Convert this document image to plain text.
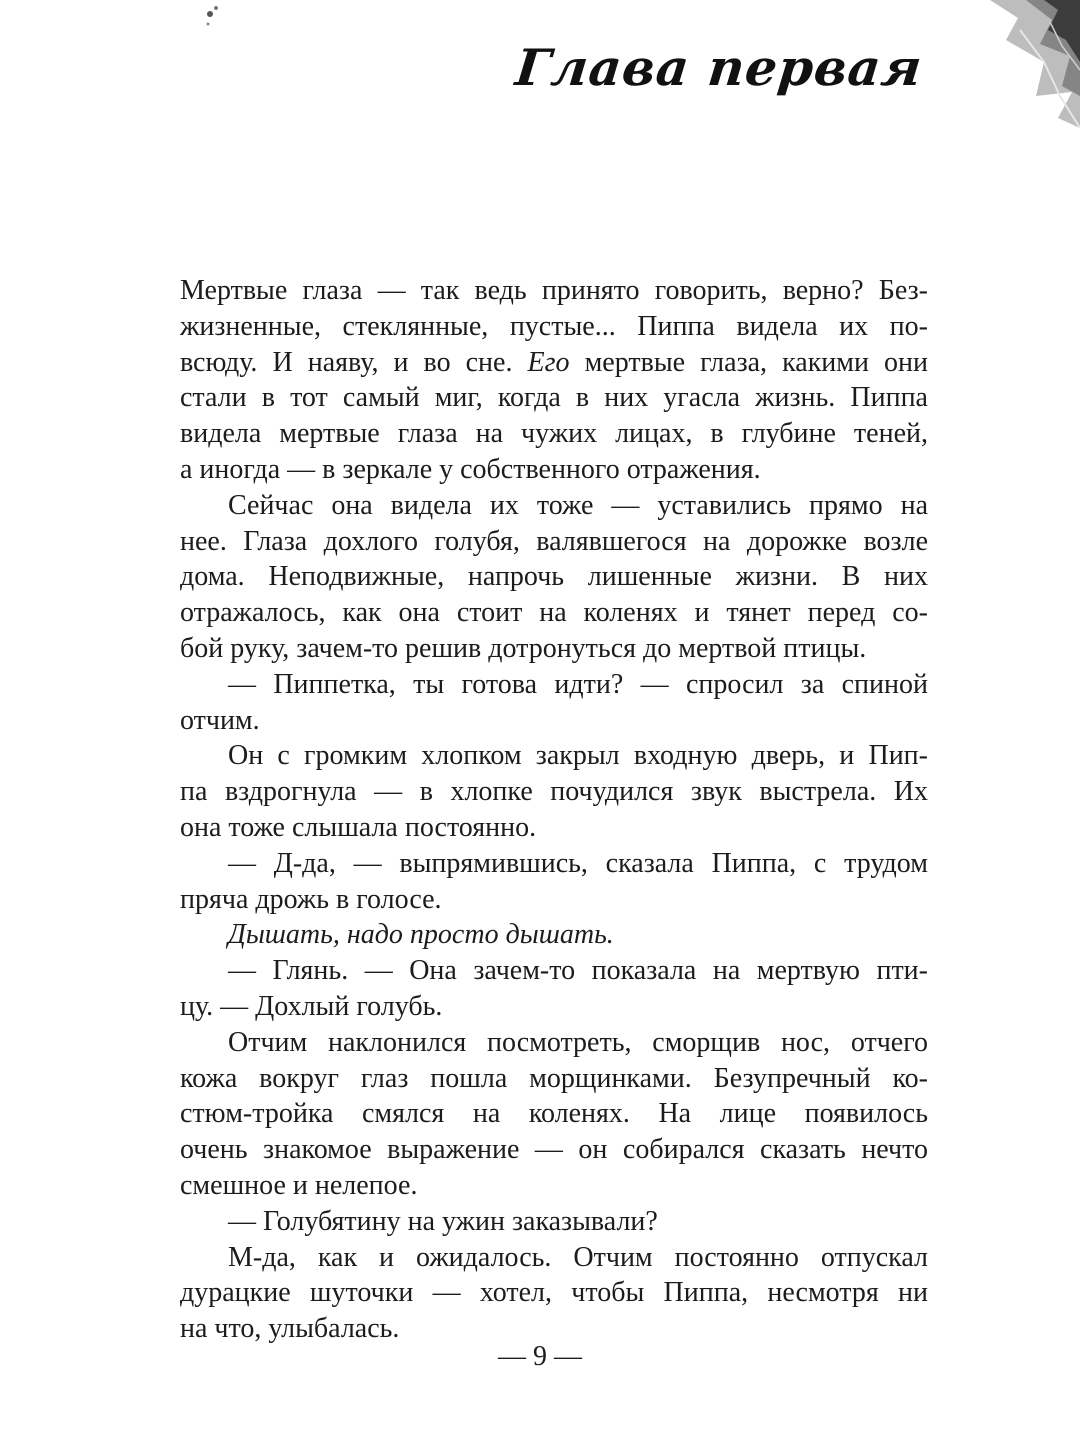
Глава первая

Мертвые глаза — так ведь принято говорить, верно? Без-

жизненные, стеклянные, пустые... Пиппа видела их по-

всюду. И наяву, и во сне. Его мертвые глаза, какими они

стали в тот самый миг, когда в них угасла жизнь. Пиппа

видела мертвые глаза на чужих лицах, в глубине теней,

а иногда — в зеркале у собственного отражения.

Сейчас она видела их тоже — уставились прямо на

нее. Глаза дохлого голубя, валявшегося на дорожке возле

дома. Неподвижные, напрочь лишенные жизни. В них

отражалось, как она стоит на коленях и тянет перед со-

бой руку, зачем-то решив дотронуться до мертвой птицы.

— Пиппетка, ты готова идти? — спросил за спиной

отчим.

Он с громким хлопком закрыл входную дверь, и Пип-

па вздрогнула — в хлопке почудился звук выстрела. Их

она тоже слышала постоянно.

— Д-да, — выпрямившись, сказала Пиппа, с трудом

пряча дрожь в голосе.

Дышать, надо просто дышать.

— Глянь. — Она зачем-то показала на мертвую пти-

цу. — Дохлый голубь.

Отчим наклонился посмотреть, сморщив нос, отчего

кожа вокруг глаз пошла морщинками. Безупречный ко-

стюм-тройка смялся на коленях. На лице появилось

очень знакомое выражение — он собирался сказать нечто

смешное и нелепое.

— Голубятину на ужин заказывали?

М-да, как и ожидалось. Отчим постоянно отпускал

дурацкие шуточки — хотел, чтобы Пиппа, несмотря ни

на что, улыбалась.

— 9 —
